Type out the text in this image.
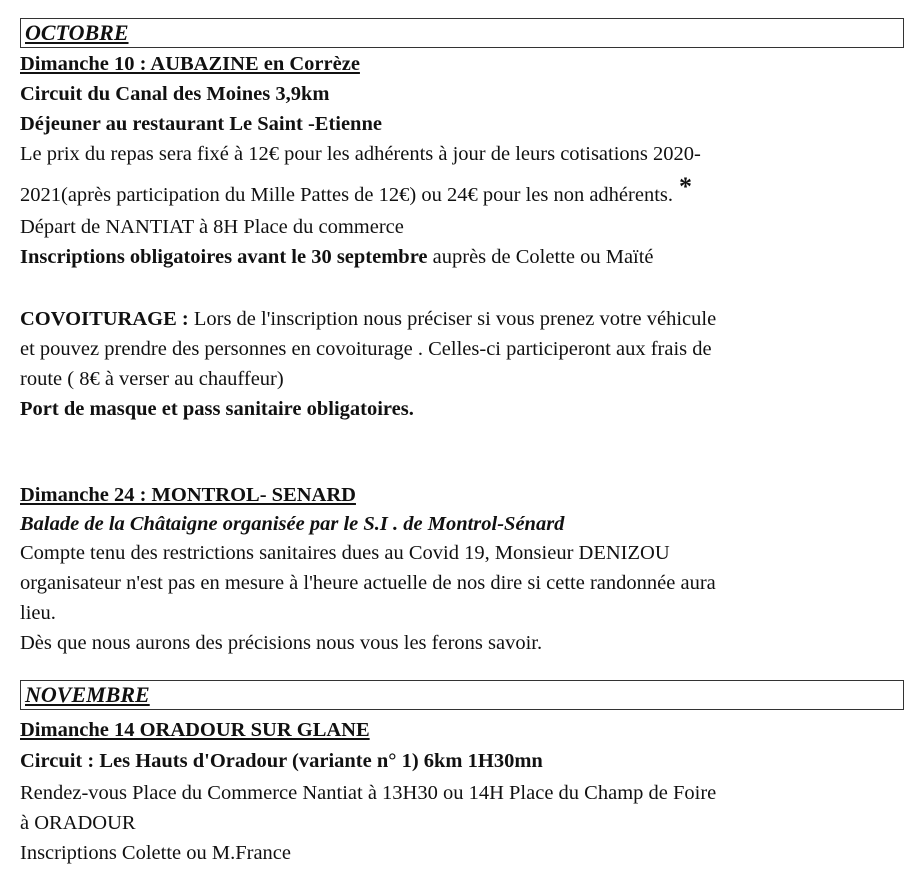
OCTOBRE
Dimanche 10 : AUBAZINE en Corrèze
Circuit du Canal des Moines 3,9km
Déjeuner au restaurant Le Saint -Etienne
Le prix du repas sera fixé à 12€ pour les adhérents à jour de leurs cotisations 2020-
2021(après participation du Mille Pattes de 12€) ou 24€ pour les non adhérents. *
Départ de NANTIAT à 8H Place du commerce
Inscriptions obligatoires avant le 30 septembre auprès de Colette ou Maïté
COVOITURAGE : Lors de l'inscription nous préciser si vous prenez votre véhicule
et pouvez prendre des personnes en covoiturage . Celles-ci participeront aux frais de
route ( 8€ à verser au chauffeur)
Port de masque et pass sanitaire obligatoires.
Dimanche 24 : MONTROL- SENARD
Balade de la Châtaigne organisée par le S.I . de Montrol-Sénard
Compte tenu des restrictions sanitaires dues au Covid 19, Monsieur DENIZOU
organisateur n'est pas en mesure à l'heure actuelle de nos dire si cette randonnée aura
lieu.
Dès que nous aurons des précisions nous vous les ferons savoir.
NOVEMBRE
Dimanche 14 ORADOUR SUR GLANE
Circuit : Les Hauts d'Oradour (variante n° 1) 6km 1H30mn
Rendez-vous Place du Commerce Nantiat à 13H30 ou 14H Place du Champ de Foire
à ORADOUR
Inscriptions Colette ou M.France
